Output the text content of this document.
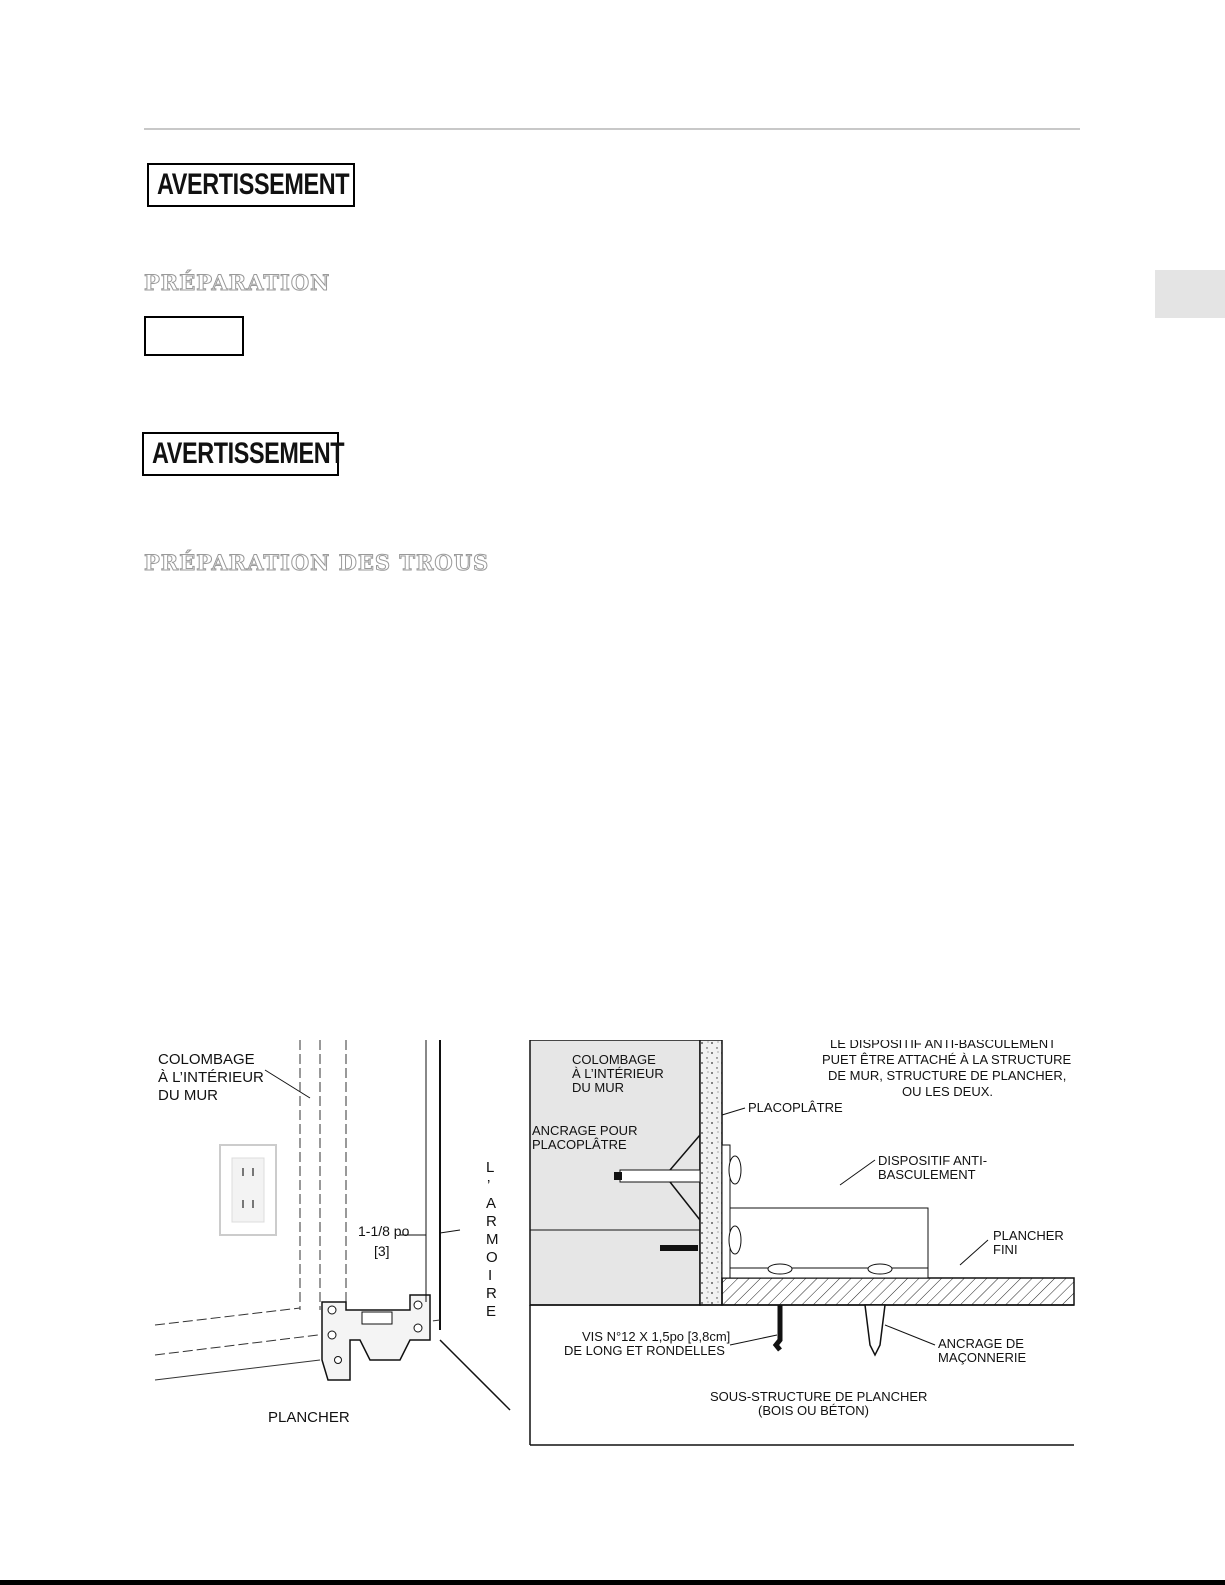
AVERTISSEMENT
PRÉPARATION
AVERTISSEMENT
PRÉPARATION DES TROUS
COLOMBAGE
À L’INTÉRIEUR
DU MUR
1-1/8 po
[3]
L
’
A
R
M
O
I
R
E
PLANCHER
COLOMBAGE
À L’INTÉRIEUR
DU MUR
LE DISPOSITIF ANTI-BASCULEMENT
PUET ÊTRE ATTACHÉ À LA STRUCTURE
DE MUR, STRUCTURE DE PLANCHER,
OU LES DEUX.
PLACOPLÂTRE
ANCRAGE POUR
PLACOPLÂTRE
DISPOSITIF ANTI-
BASCULEMENT
PLANCHER
FINI
VIS N°12 X 1,5po [3,8cm]
DE LONG ET RONDELLES	ANCRAGE DE
MAÇONNERIE
SOUS-STRUCTURE DE PLANCHER
(BOIS OU BÉTON)
